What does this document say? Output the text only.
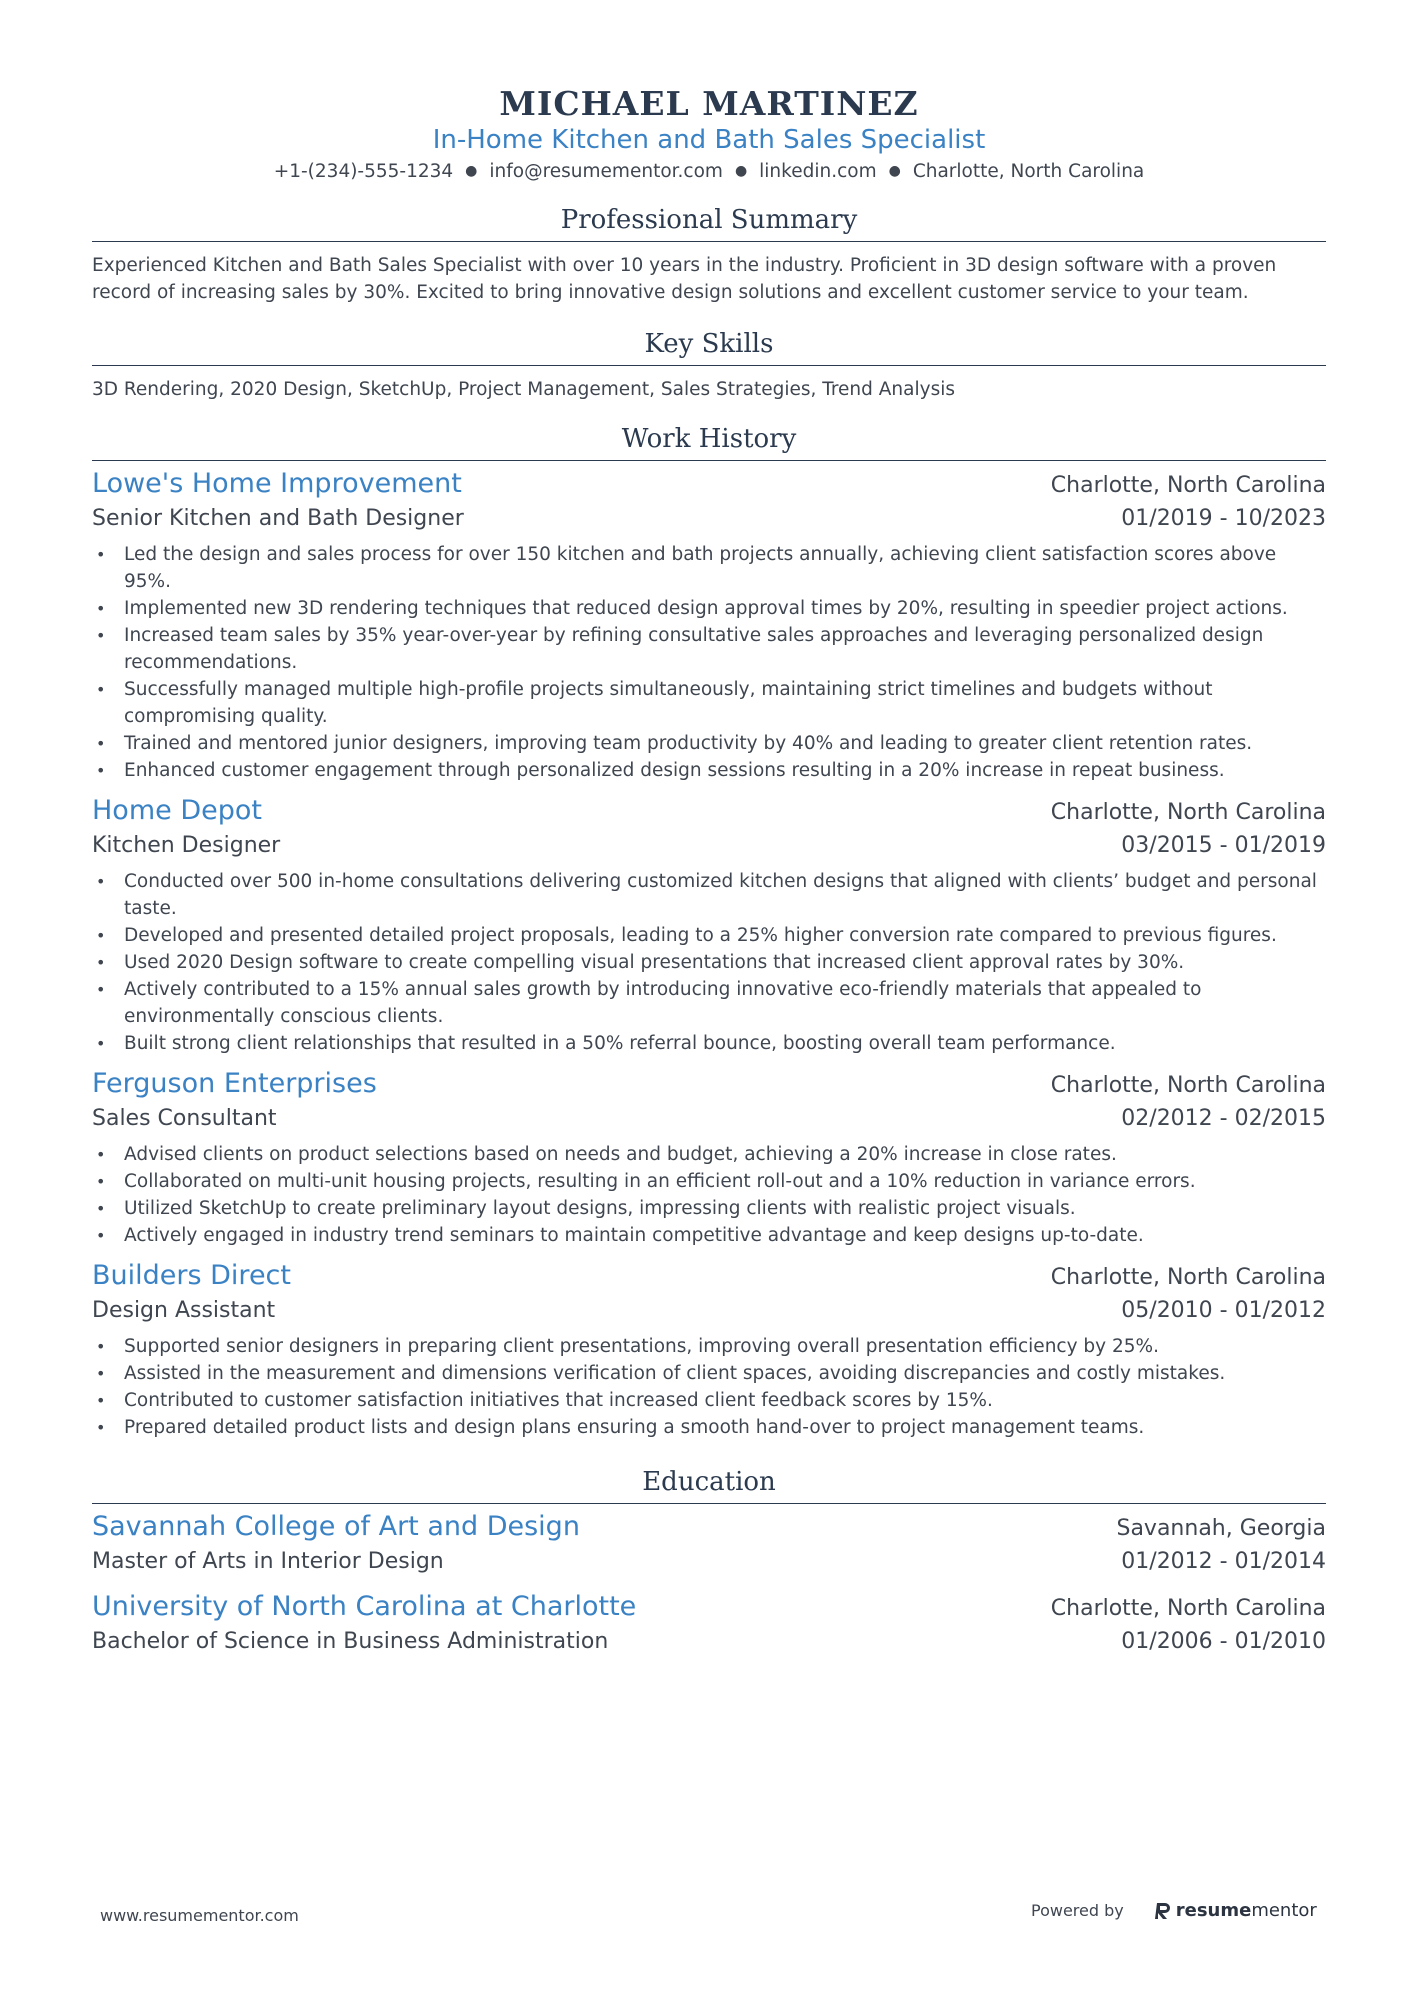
MICHAEL MARTINEZ
In-Home Kitchen and Bath Sales Specialist
+1-(234)-555-1234 ● info@resumementor.com ● linkedin.com ● Charlotte, North Carolina
Professional Summary
Experienced Kitchen and Bath Sales Specialist with over 10 years in the industry. Proficient in 3D design software with a proven record of increasing sales by 30%. Excited to bring innovative design solutions and excellent customer service to your team.
Key Skills
3D Rendering, 2020 Design, SketchUp, Project Management, Sales Strategies, Trend Analysis
Work History
Lowe's Home Improvement	Charlotte, North Carolina
Senior Kitchen and Bath Designer	01/2019 - 10/2023
• Led the design and sales process for over 150 kitchen and bath projects annually, achieving client satisfaction scores above 95%.
• Implemented new 3D rendering techniques that reduced design approval times by 20%, resulting in speedier project actions.
• Increased team sales by 35% year-over-year by refining consultative sales approaches and leveraging personalized design recommendations.
• Successfully managed multiple high-profile projects simultaneously, maintaining strict timelines and budgets without compromising quality.
• Trained and mentored junior designers, improving team productivity by 40% and leading to greater client retention rates.
• Enhanced customer engagement through personalized design sessions resulting in a 20% increase in repeat business.
Home Depot	Charlotte, North Carolina
Kitchen Designer	03/2015 - 01/2019
• Conducted over 500 in-home consultations delivering customized kitchen designs that aligned with clients’ budget and personal taste.
• Developed and presented detailed project proposals, leading to a 25% higher conversion rate compared to previous figures.
• Used 2020 Design software to create compelling visual presentations that increased client approval rates by 30%.
• Actively contributed to a 15% annual sales growth by introducing innovative eco-friendly materials that appealed to environmentally conscious clients.
• Built strong client relationships that resulted in a 50% referral bounce, boosting overall team performance.
Ferguson Enterprises	Charlotte, North Carolina
Sales Consultant	02/2012 - 02/2015
• Advised clients on product selections based on needs and budget, achieving a 20% increase in close rates.
• Collaborated on multi-unit housing projects, resulting in an efficient roll-out and a 10% reduction in variance errors.
• Utilized SketchUp to create preliminary layout designs, impressing clients with realistic project visuals.
• Actively engaged in industry trend seminars to maintain competitive advantage and keep designs up-to-date.
Builders Direct	Charlotte, North Carolina
Design Assistant	05/2010 - 01/2012
• Supported senior designers in preparing client presentations, improving overall presentation efficiency by 25%.
• Assisted in the measurement and dimensions verification of client spaces, avoiding discrepancies and costly mistakes.
• Contributed to customer satisfaction initiatives that increased client feedback scores by 15%.
• Prepared detailed product lists and design plans ensuring a smooth hand-over to project management teams.
Education
Savannah College of Art and Design	Savannah, Georgia
Master of Arts in Interior Design	01/2012 - 01/2014
University of North Carolina at Charlotte	Charlotte, North Carolina
Bachelor of Science in Business Administration	01/2006 - 01/2010
www.resumementor.com	Powered by	resume mentor
